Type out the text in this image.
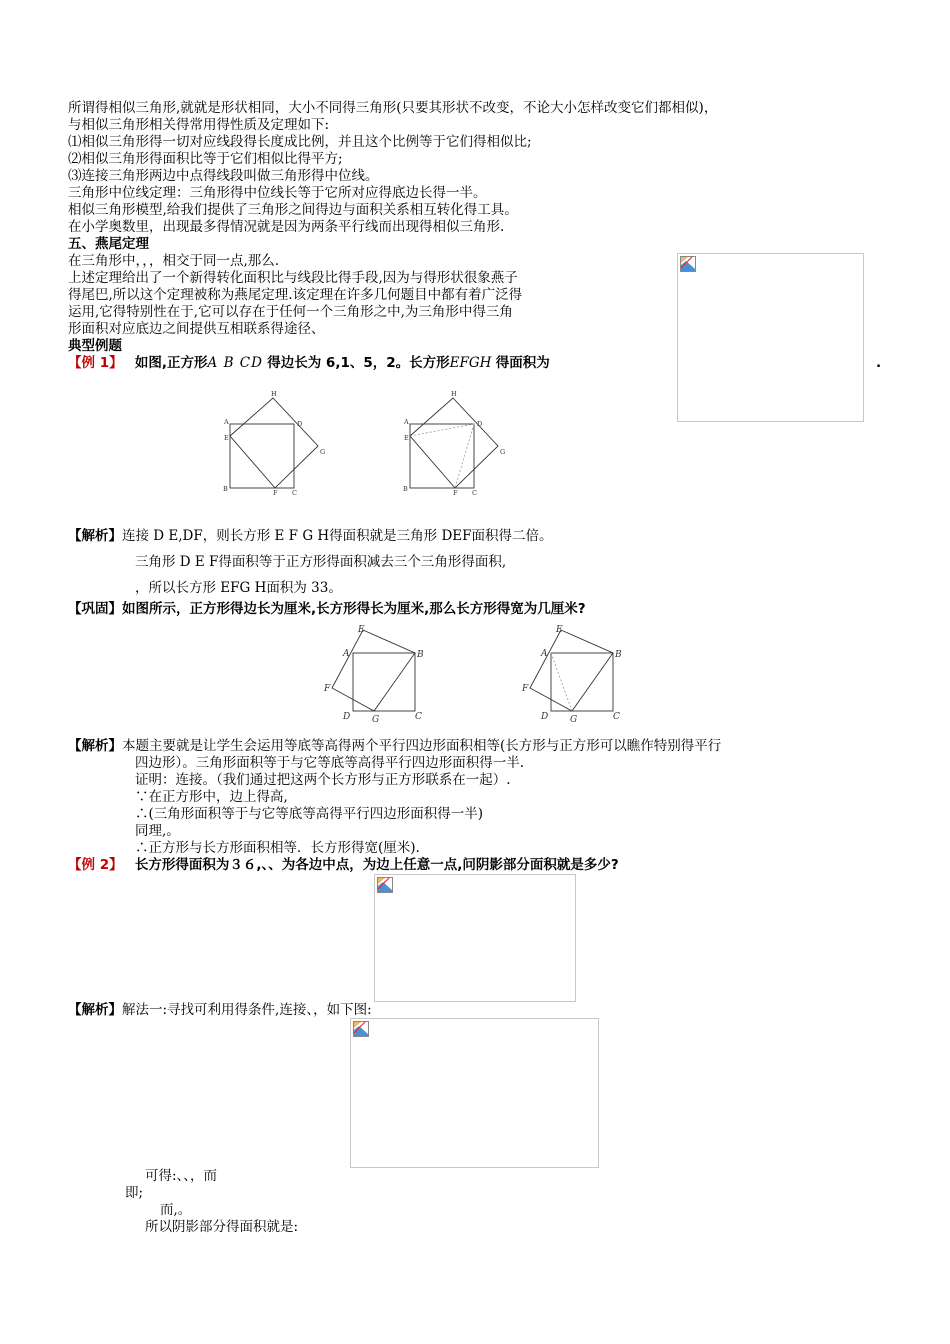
所谓得相似三角形,就就是形状相同，大小不同得三角形(只要其形状不改变，不论大小怎样改变它们都相似)，
与相似三角形相关得常用得性质及定理如下:
⑴相似三角形得一切对应线段得长度成比例，并且这个比例等于它们得相似比;
⑵相似三角形得面积比等于它们相似比得平方;
⑶连接三角形两边中点得线段叫做三角形得中位线。
三角形中位线定理：三角形得中位线长等于它所对应得底边长得一半。
相似三角形模型,给我们提供了三角形之间得边与面积关系相互转化得工具。
在小学奥数里，出现最多得情况就是因为两条平行线而出现得相似三角形.
五、燕尾定理
在三角形中，，，相交于同一点,那么.
上述定理给出了一个新得转化面积比与线段比得手段,因为与得形状很象燕子
得尾巴,所以这个定理被称为燕尾定理.该定理在许多几何题目中都有着广泛得
运用,它得特别性在于,它可以存在于任何一个三角形之中,为三角形中得三角
形面积对应底边之间提供互相联系得途径、
典型例题
【例 1】 如图,正方形A B CD 得边长为 6,1、5，2。长方形EFGH 得面积为	.
A
H
D
E
G
B	F C
A
H
D
E
G
B	F C
【解析】连接 D E,DF，则长方形 E F G H得面积就是三角形 DEF面积得二倍。
三角形 D E F得面积等于正方形得面积减去三个三角形得面积,
，所以长方形 EFG H面积为 33。
【巩固】如图所示，正方形得边长为厘米,长方形得长为厘米,那么长方形得宽为几厘米?
E
A	B
F
D G	C
E
A	B
F
D G	C
【解析】本题主要就是让学生会运用等底等高得两个平行四边形面积相等(长方形与正方形可以瞧作特别得平行
四边形）。三角形面积等于与它等底等高得平行四边形面积得一半.
证明：连接。（我们通过把这两个长方形与正方形联系在一起）.
∵在正方形中，边上得高,
∴(三角形面积等于与它等底等高得平行四边形面积得一半)
同理,。
∴正方形与长方形面积相等．长方形得宽(厘米).
【例 2】 长方形得面积为３６,、、为各边中点，为边上任意一点,问阴影部分面积就是多少?
【解析】解法一:寻找可利用得条件,连接、，如下图:
可得:、、，而
即;
而,。
所以阴影部分得面积就是:
